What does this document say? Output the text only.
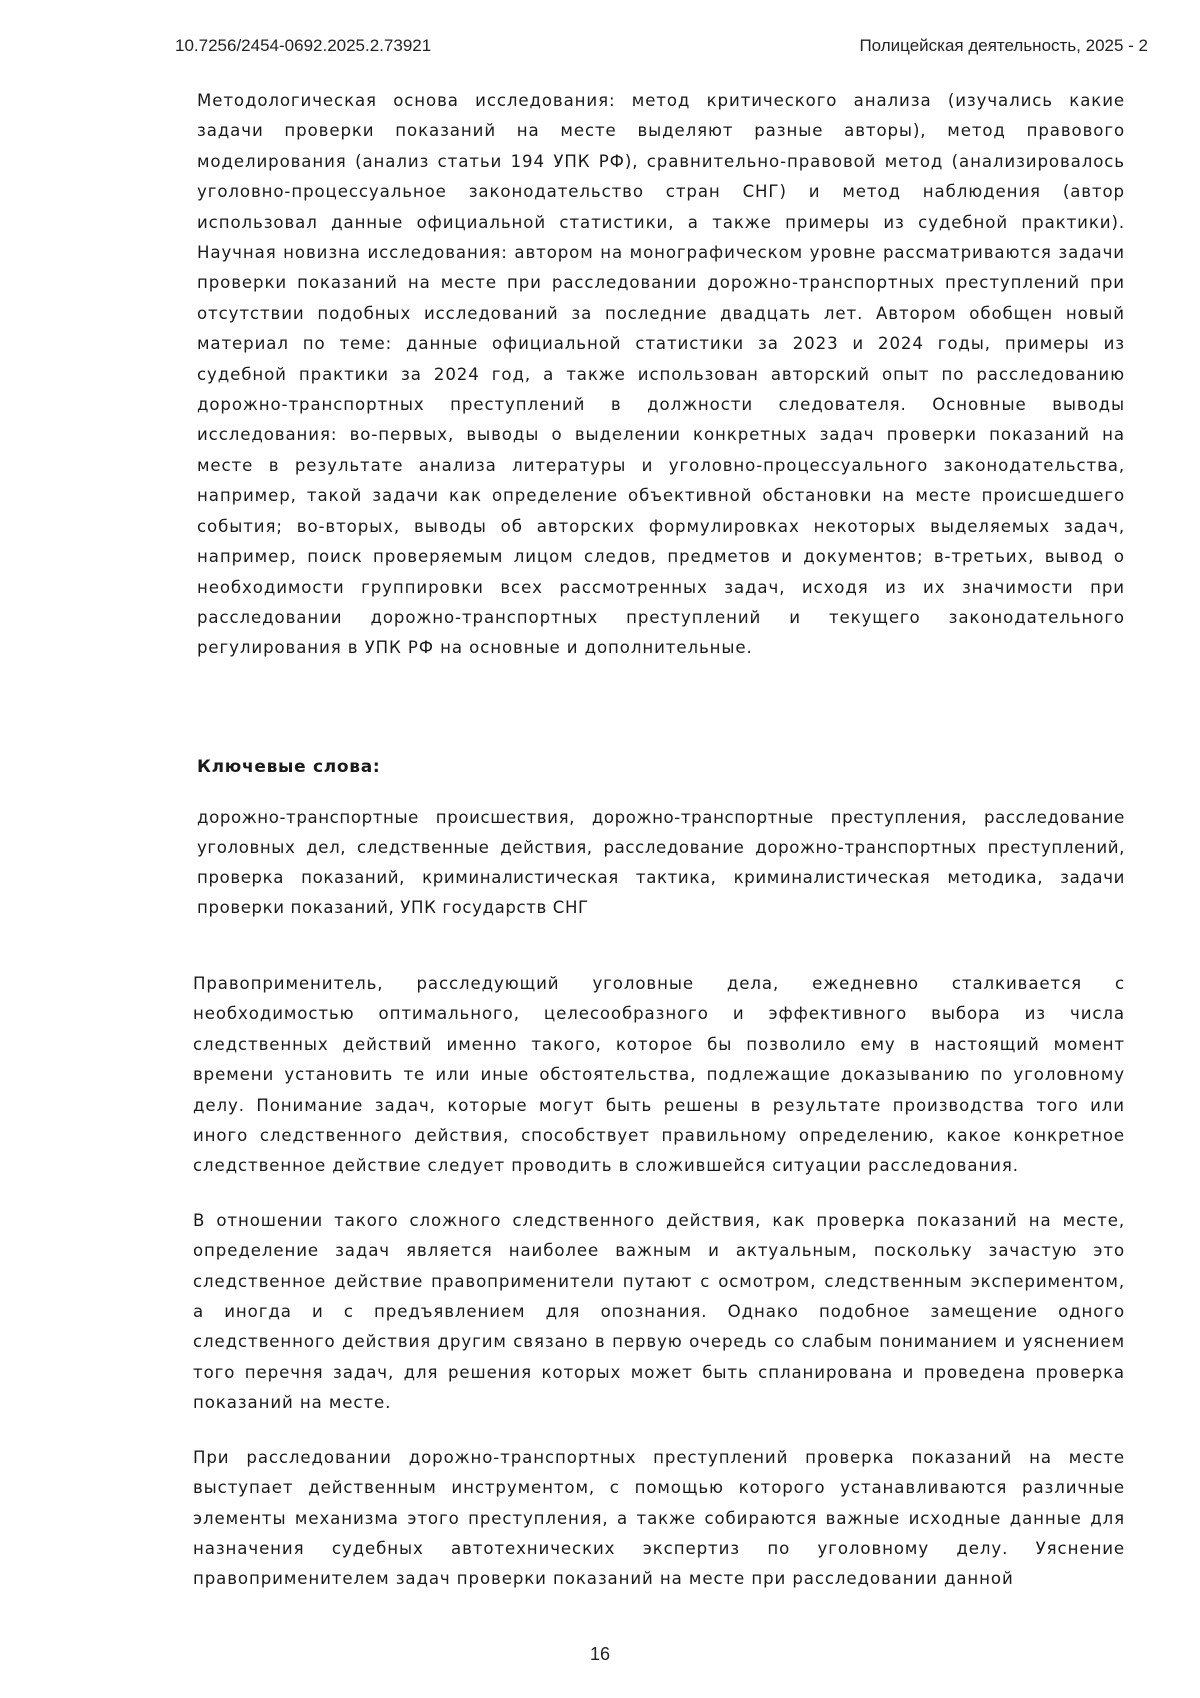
10.7256/2454-0692.2025.2.73921	Полицейская деятельность, 2025 - 2

Методологическая основа исследования: метод критического анализа (изучались какие задачи проверки показаний на месте выделяют разные авторы), метод правового моделирования (анализ статьи 194 УПК РФ), сравнительно-правовой метод (анализировалось уголовно-процессуальное законодательство стран СНГ) и метод наблюдения (автор использовал данные официальной статистики, а также примеры из судебной практики). Научная новизна исследования: автором на монографическом уровне рассматриваются задачи проверки показаний на месте при расследовании дорожно-транспортных преступлений при отсутствии подобных исследований за последние двадцать лет. Автором обобщен новый материал по теме: данные официальной статистики за 2023 и 2024 годы, примеры из судебной практики за 2024 год, а также использован авторский опыт по расследованию дорожно-транспортных преступлений в должности следователя. Основные выводы исследования: во-первых, выводы о выделении конкретных задач проверки показаний на месте в результате анализа литературы и уголовно-процессуального законодательства, например, такой задачи как определение объективной обстановки на месте происшедшего события; во-вторых, выводы об авторских формулировках некоторых выделяемых задач, например, поиск проверяемым лицом следов, предметов и документов; в-третьих, вывод о необходимости группировки всех рассмотренных задач, исходя из их значимости при расследовании дорожно-транспортных преступлений и текущего законодательного регулирования в УПК РФ на основные и дополнительные.

Ключевые слова:

дорожно-транспортные происшествия, дорожно-транспортные преступления, расследование уголовных дел, следственные действия, расследование дорожно-транспортных преступлений, проверка показаний, криминалистическая тактика, криминалистическая методика, задачи проверки показаний, УПК государств СНГ

Правоприменитель, расследующий уголовные дела, ежедневно сталкивается с необходимостью оптимального, целесообразного и эффективного выбора из числа следственных действий именно такого, которое бы позволило ему в настоящий момент времени установить те или иные обстоятельства, подлежащие доказыванию по уголовному делу. Понимание задач, которые могут быть решены в результате производства того или иного следственного действия, способствует правильному определению, какое конкретное следственное действие следует проводить в сложившейся ситуации расследования.

В отношении такого сложного следственного действия, как проверка показаний на месте, определение задач является наиболее важным и актуальным, поскольку зачастую это следственное действие правоприменители путают с осмотром, следственным экспериментом, а иногда и с предъявлением для опознания. Однако подобное замещение одного следственного действия другим связано в первую очередь со слабым пониманием и уяснением того перечня задач, для решения которых может быть спланирована и проведена проверка показаний на месте.

При расследовании дорожно-транспортных преступлений проверка показаний на месте выступает действенным инструментом, с помощью которого устанавливаются различные элементы механизма этого преступления, а также собираются важные исходные данные для назначения судебных автотехнических экспертиз по уголовному делу. Уяснение правоприменителем задач проверки показаний на месте при расследовании данной

16
